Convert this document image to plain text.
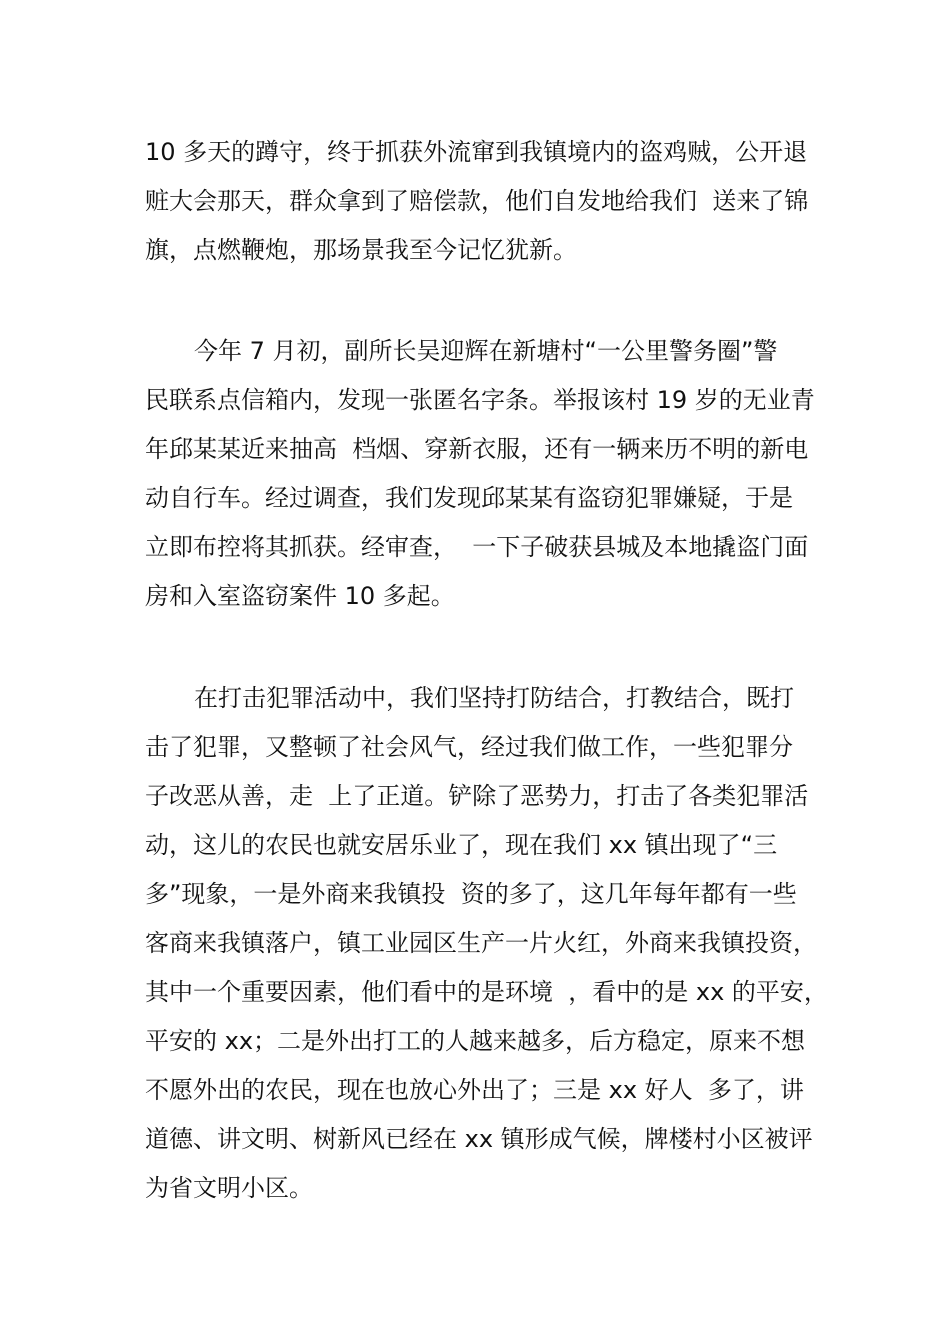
10 多天的蹲守，终于抓获外流窜到我镇境内的盗鸡贼，公开退
赃大会那天，群众拿到了赔偿款，他们自发地给我们  送来了锦
旗，点燃鞭炮，那场景我至今记忆犹新。
今年 7 月初，副所长吴迎辉在新塘村“一公里警务圈”警
民联系点信箱内，发现一张匿名字条。举报该村 19 岁的无业青
年邱某某近来抽高  档烟、穿新衣服，还有一辆来历不明的新电
动自行车。经过调查，我们发现邱某某有盗窃犯罪嫌疑，于是
立即布控将其抓获。经审查，  一下子破获县城及本地撬盗门面
房和入室盗窃案件 10 多起。
在打击犯罪活动中，我们坚持打防结合，打教结合，既打
击了犯罪，又整顿了社会风气，经过我们做工作，一些犯罪分
子改恶从善，走  上了正道。铲除了恶势力，打击了各类犯罪活
动，这儿的农民也就安居乐业了，现在我们 xx 镇出现了“三
多”现象，一是外商来我镇投  资的多了，这几年每年都有一些
客商来我镇落户，镇工业园区生产一片火红，外商来我镇投资，
其中一个重要因素，他们看中的是环境  ，看中的是 xx 的平安，
平安的 xx；二是外出打工的人越来越多，后方稳定，原来不想
不愿外出的农民，现在也放心外出了；三是 xx 好人  多了，讲
道德、讲文明、树新风已经在 xx 镇形成气候，牌楼村小区被评
为省文明小区。
